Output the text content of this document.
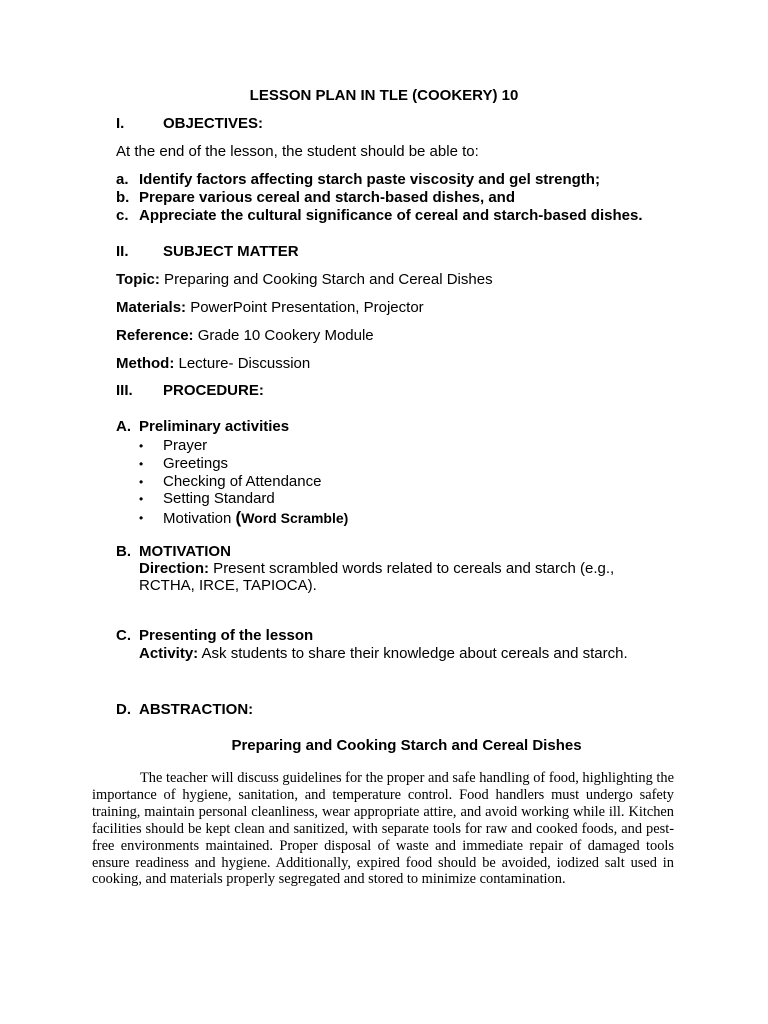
LESSON PLAN IN TLE (COOKERY) 10
I.	OBJECTIVES:
At the end of the lesson, the student should be able to:
a. Identify factors affecting starch paste viscosity and gel strength;
b. Prepare various cereal and starch-based dishes, and
c. Appreciate the cultural significance of cereal and starch-based dishes.
II. SUBJECT MATTER
Topic: Preparing and Cooking Starch and Cereal Dishes
Materials: PowerPoint Presentation, Projector
Reference: Grade 10 Cookery Module
Method: Lecture- Discussion
III. PROCEDURE:
A. Preliminary activities
• Prayer
• Greetings
• Checking of Attendance
• Setting Standard
• Motivation (Word Scramble)
B. MOTIVATION
Direction: Present scrambled words related to cereals and starch (e.g.,
RCTHA, IRCE, TAPIOCA).
C. Presenting of the lesson
Activity: Ask students to share their knowledge about cereals and starch.
D. ABSTRACTION:
Preparing and Cooking Starch and Cereal Dishes
The teacher will discuss guidelines for the proper and safe handling of food, highlighting the importance of hygiene, sanitation, and temperature control. Food handlers must undergo safety training, maintain personal cleanliness, wear appropriate attire, and avoid working while ill. Kitchen facilities should be kept clean and sanitized, with separate tools for raw and cooked foods, and pest-free environments maintained. Proper disposal of waste and immediate repair of damaged tools ensure readiness and hygiene. Additionally, expired food should be avoided, iodized salt used in cooking, and materials properly segregated and stored to minimize contamination.
